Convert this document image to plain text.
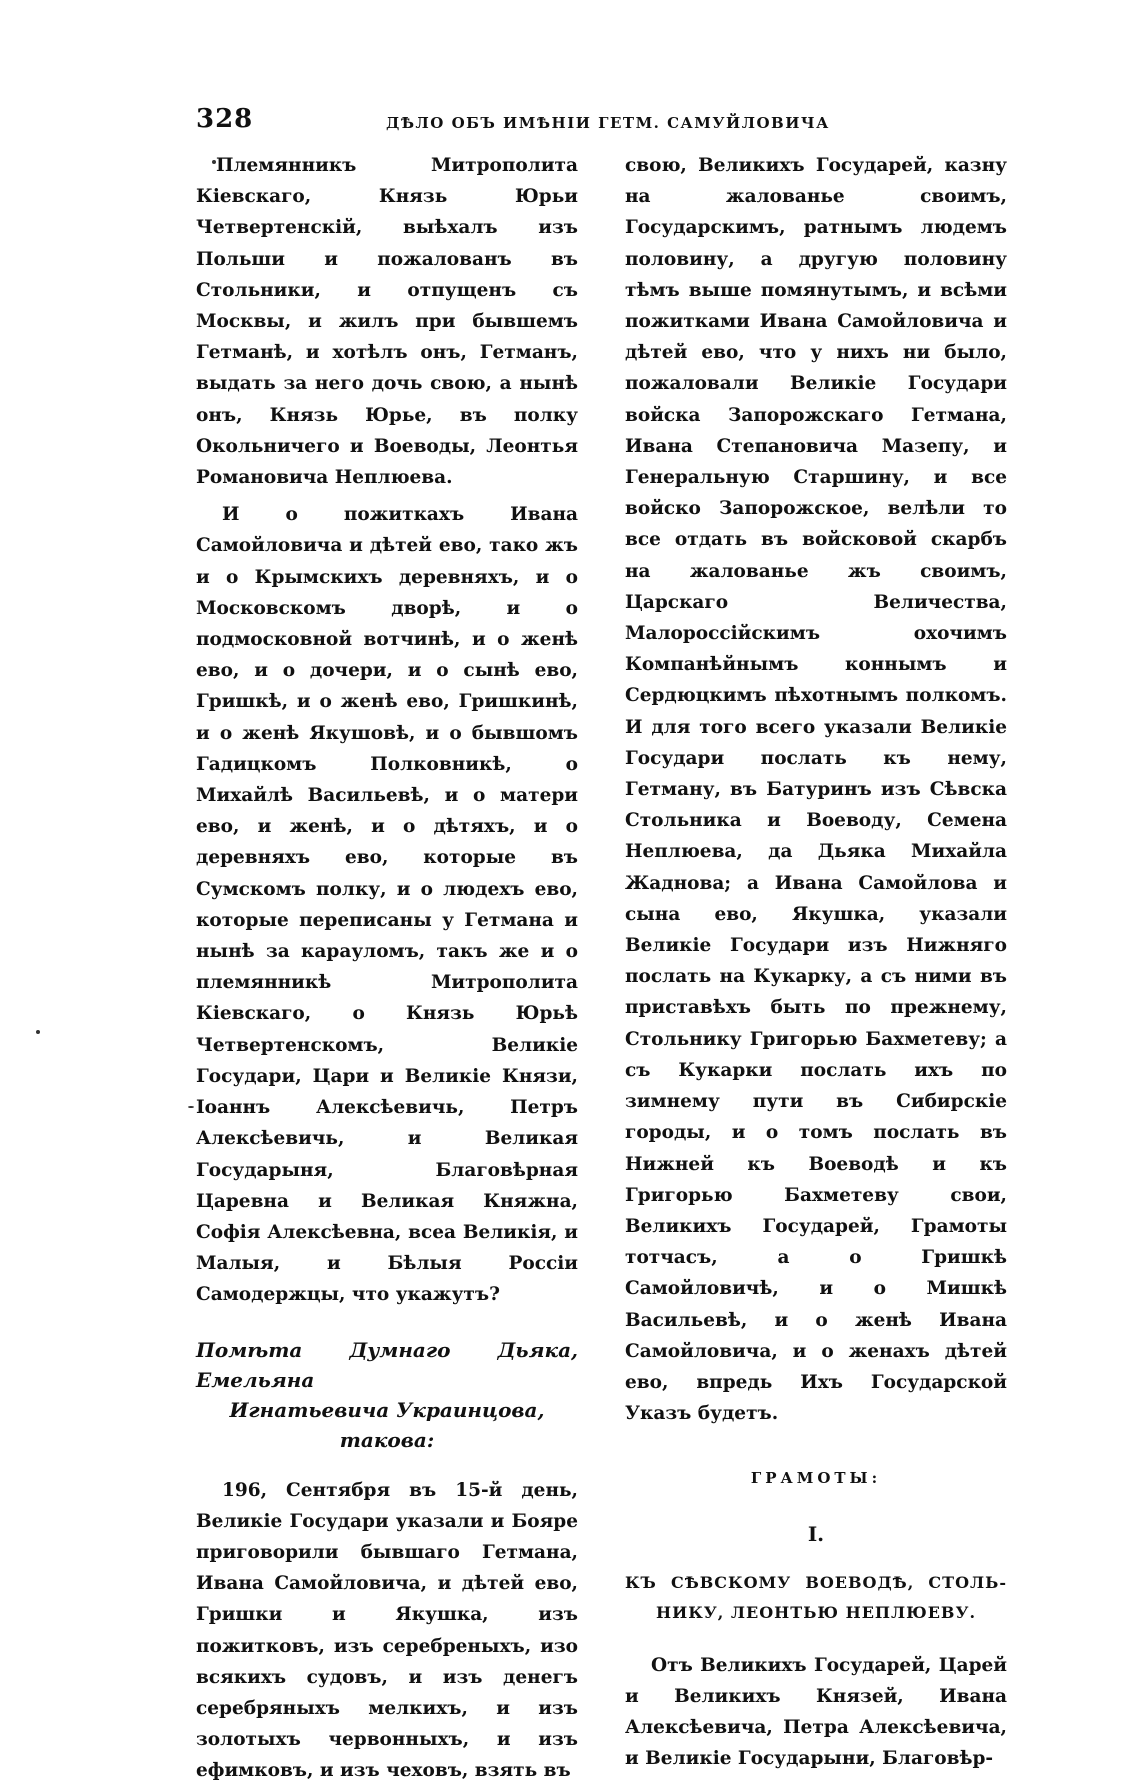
328	ДѢЛО ОБЪ ИМѢНІИ ГЕТМ. САМУЙЛОВИЧА

Племянникъ Митрополита Кіевскаго, Князь Юрьи Четвертенскій, выѣхалъ изъ Польши и пожалованъ въ Стольники, и отпущенъ съ Москвы, и жилъ при бывшемъ Гетманѣ, и хотѣлъ онъ, Гетманъ, выдать за него дочь свою, а нынѣ онъ, Князь Юрье, въ полку Окольничего и Воеводы, Леонтья Романовича Неплюева.

И о пожиткахъ Ивана Самойловича и дѣтей ево, тако жъ и о Крымскихъ деревняхъ, и о Московскомъ дворѣ, и о подмосковной вотчинѣ, и о женѣ ево, и о дочери, и о сынѣ ево, Гришкѣ, и о женѣ ево, Гришкинѣ, и о женѣ Якушовѣ, и о бывшомъ Гадицкомъ Полковникѣ, о Михайлѣ Васильевѣ, и о матери ево, и женѣ, и о дѣтяхъ, и о деревняхъ ево, которые въ Сумскомъ полку, и о людехъ ево, которые переписаны у Гетмана и нынѣ за карауломъ, такъ же и о племянникѣ Митрополита Кіевскаго, о Князь Юрьѣ Четвертенскомъ, Великіе Государи, Цари и Великіе Князи, Іоаннъ Алексѣевичь, Петръ Алексѣевичь, и Великая Государыня, Благовѣрная Царевна и Великая Княжна, Софія Алексѣевна, всеа Великія, и Малыя, и Бѣлыя Россіи Самодержцы, что укажутъ?

Помѣта Думнаго Дьяка, Емельяна
Игнатьевича Украинцова, такова:

196, Сентября въ 15-й день, Великіе Государи указали и Бояре приговорили бывшаго Гетмана, Ивана Самойловича, и дѣтей ево, Гришки и Якушка, изъ пожитковъ, изъ серебреныхъ, изо всякихъ судовъ, и изъ денегъ серебряныхъ мелкихъ, и изъ золотыхъ червонныхъ, и изъ ефимковъ, и изъ чеховъ, взять въ

свою, Великихъ Государей, казну на жалованье своимъ, Государскимъ, ратнымъ людемъ половину, а другую половину тѣмъ выше помянутымъ, и всѣми пожитками Ивана Самойловича и дѣтей ево, что у нихъ ни было, пожаловали Великіе Государи войска Запорожскаго Гетмана, Ивана Степановича Мазепу, и Генеральную Старшину, и все войско Запорожское, велѣли то все отдать въ войсковой скарбъ на жалованье жъ своимъ, Царскаго Величества, Малороссійскимъ охочимъ Компанѣйнымъ коннымъ и Сердюцкимъ пѣхотнымъ полкомъ. И для того всего указали Великіе Государи послать къ нему, Гетману, въ Батуринъ изъ Сѣвска Стольника и Воеводу, Семена Неплюева, да Дьяка Михайла Жаднова; а Ивана Самойлова и сына ево, Якушка, указали Великіе Государи изъ Нижняго послать на Кукарку, а съ ними въ приставѣхъ быть по прежнему, Стольнику Григорью Бахметеву; а съ Кукарки послать ихъ по зимнему пути въ Сибирскіе городы, и о томъ послать въ Нижней къ Воеводѣ и къ Григорью Бахметеву свои, Великихъ Государей, Грамоты тотчасъ, а о Гришкѣ Самойловичѣ, и о Мишкѣ Васильевѣ, и о женѣ Ивана Самойловича, и о женахъ дѣтей ево, впредь Ихъ Государской Указъ будетъ.

ГРАМОТЫ:
I.
КЪ СѢВСКОМУ ВОЕВОДѢ, СТОЛЬ-
НИКУ, ЛЕОНТЬЮ НЕПЛЮЕВУ.

Отъ Великихъ Государей, Царей и Великихъ Князей, Ивана Алексѣевича, Петра Алексѣевича, и Великіе Государыни, Благовѣр-
